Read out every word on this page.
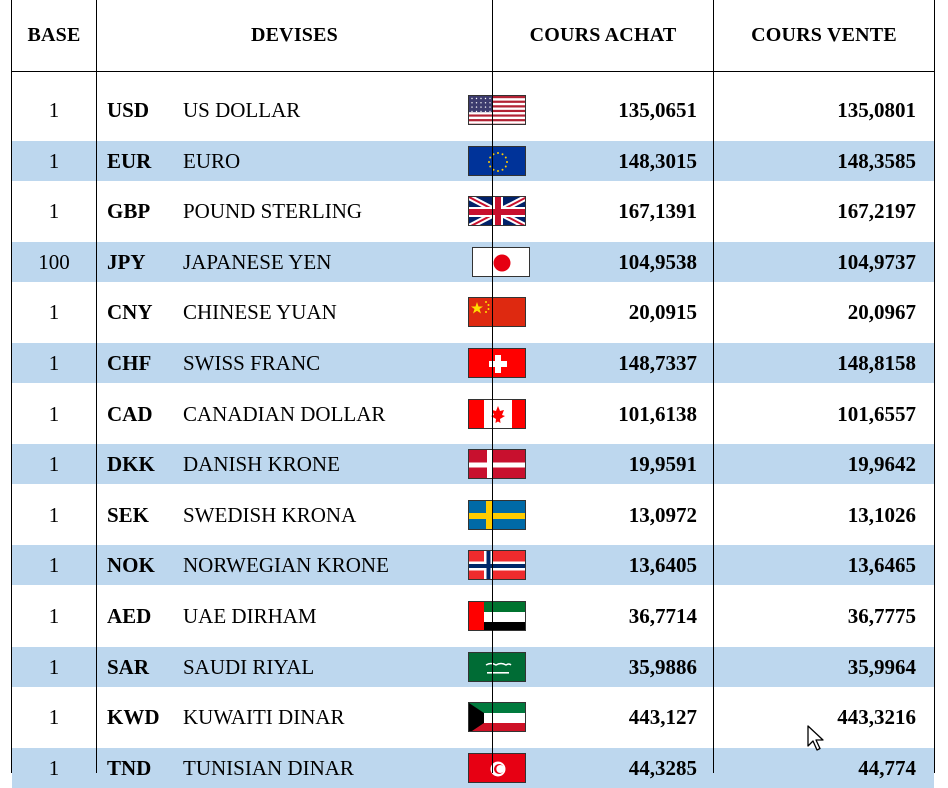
BASE	DEVISES	COURS ACHAT	COURS VENTE
1	USD	US DOLLAR	135,0651	135,0801
1	EUR	EURO	148,3015	148,3585
1	GBP	POUND STERLING	167,1391	167,2197
100	JPY	JAPANESE YEN	104,9538	104,9737
1	CNY	CHINESE YUAN	20,0915	20,0967
1	CHF	SWISS FRANC	148,7337	148,8158
1	CAD	CANADIAN DOLLAR	101,6138	101,6557
1	DKK	DANISH KRONE	19,9591	19,9642
1	SEK	SWEDISH KRONA	13,0972	13,1026
1	NOK	NORWEGIAN KRONE	13,6405	13,6465
1	AED	UAE DIRHAM	36,7714	36,7775
1	SAR	SAUDI RIYAL	35,9886	35,9964
1	KWD	KUWAITI DINAR	443,127	443,3216
1	TND	TUNISIAN DINAR	44,3285	44,774
